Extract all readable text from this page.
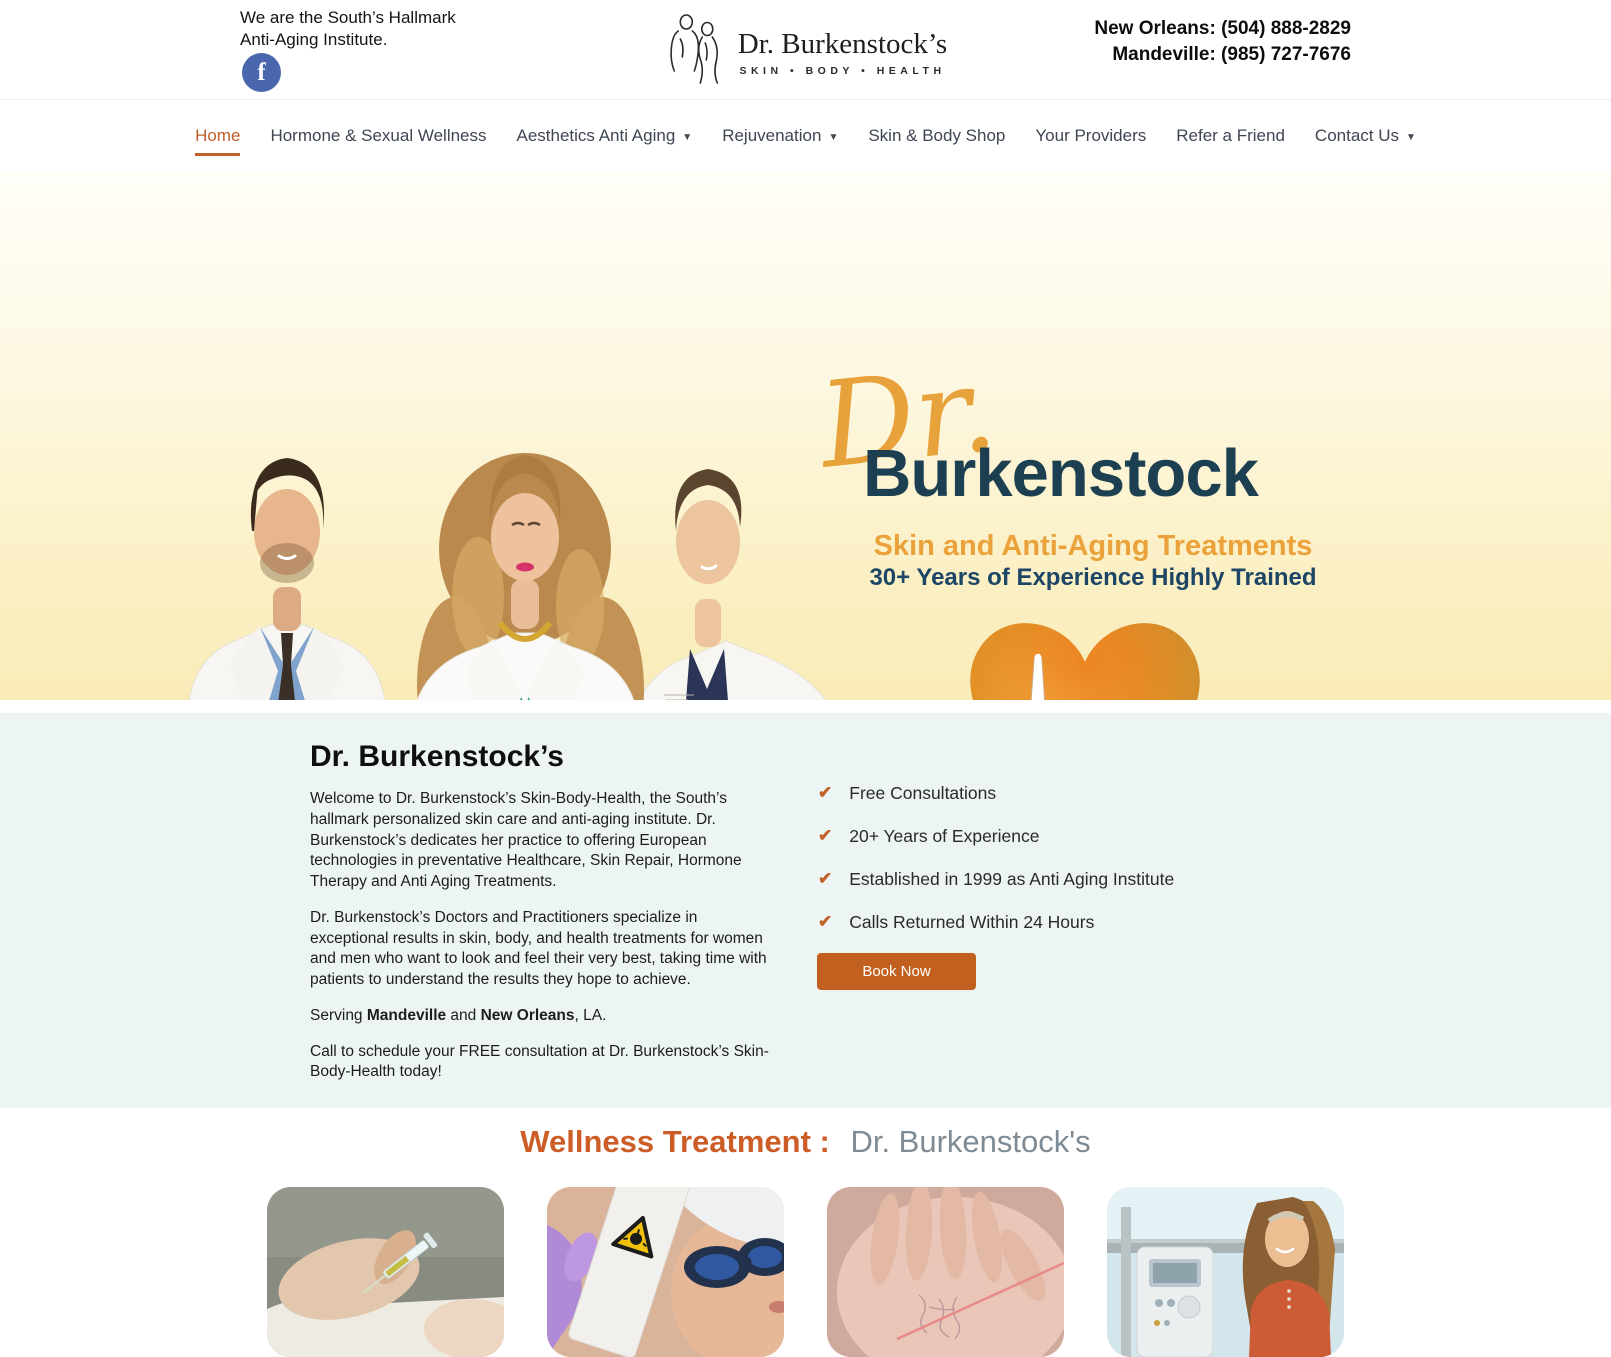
We are the South’s Hallmark
Anti-Aging Institute.
f
Dr. Burkenstock’s
SKIN • BODY • HEALTH
New Orleans: (504) 888-2829
Mandeville: (985) 727-7676
Home Hormone & Sexual Wellness Aesthetics Anti Aging ▼ Rejuvenation ▼ Skin & Body Shop Your Providers Refer a Friend Contact Us ▼
Dr.
Burkenstock
Skin and Anti-Aging Treatments
30+ Years of Experience Highly Trained
Dr. Burkenstock’s

Welcome to Dr. Burkenstock’s Skin-Body-Health, the South’s hallmark personalized skin care and anti-aging institute. Dr. Burkenstock’s dedicates her practice to offering European technologies in preventative Healthcare, Skin Repair, Hormone Therapy and Anti Aging Treatments.

Dr. Burkenstock’s Doctors and Practitioners specialize in exceptional results in skin, body, and health treatments for women and men who want to look and feel their very best, taking time with patients to understand the results they hope to achieve.

Serving Mandeville and New Orleans, LA.

Call to schedule your FREE consultation at Dr. Burkenstock’s Skin-Body-Health today!

✔ Free Consultations
✔ 20+ Years of Experience
✔ Established in 1999 as Anti Aging Institute
✔ Calls Returned Within 24 Hours
Book Now
Wellness Treatment : Dr. Burkenstock's
